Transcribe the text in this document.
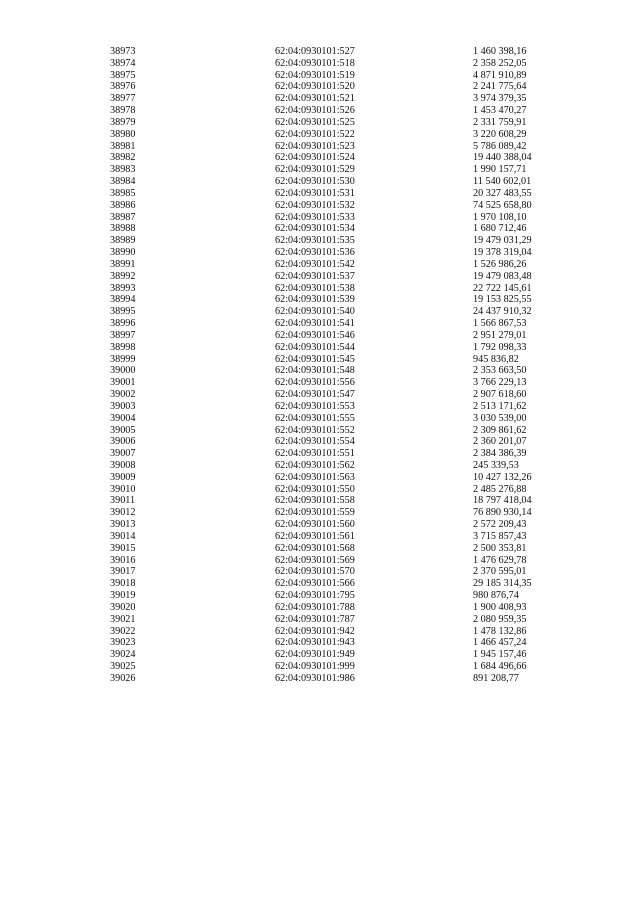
38973	62:04:0930101:527	1 460 398,16
38974	62:04:0930101:518	2 358 252,05
38975	62:04:0930101:519	4 871 910,89
38976	62:04:0930101:520	2 241 775,64
38977	62:04:0930101:521	3 974 379,35
38978	62:04:0930101:526	1 453 470,27
38979	62:04:0930101:525	2 331 759,91
38980	62:04:0930101:522	3 220 608,29
38981	62:04:0930101:523	5 786 089,42
38982	62:04:0930101:524	19 440 388,04
38983	62:04:0930101:529	1 990 157,71
38984	62:04:0930101:530	11 540 602,01
38985	62:04:0930101:531	20 327 483,55
38986	62:04:0930101:532	74 525 658,80
38987	62:04:0930101:533	1 970 108,10
38988	62:04:0930101:534	1 680 712,46
38989	62:04:0930101:535	19 479 031,29
38990	62:04:0930101:536	19 378 319,04
38991	62:04:0930101:542	1 526 986,26
38992	62:04:0930101:537	19 479 083,48
38993	62:04:0930101:538	22 722 145,61
38994	62:04:0930101:539	19 153 825,55
38995	62:04:0930101:540	24 437 910,32
38996	62:04:0930101:541	1 566 867,53
38997	62:04:0930101:546	2 951 279,01
38998	62:04:0930101:544	1 792 098,33
38999	62:04:0930101:545	945 836,82
39000	62:04:0930101:548	2 353 663,50
39001	62:04:0930101:556	3 766 229,13
39002	62:04:0930101:547	2 907 618,60
39003	62:04:0930101:553	2 513 171,62
39004	62:04:0930101:555	3 030 539,00
39005	62:04:0930101:552	2 309 861,62
39006	62:04:0930101:554	2 360 201,07
39007	62:04:0930101:551	2 384 386,39
39008	62:04:0930101:562	245 339,53
39009	62:04:0930101:563	10 427 132,26
39010	62:04:0930101:550	2 485 276,88
39011	62:04:0930101:558	18 797 418,04
39012	62:04:0930101:559	76 890 930,14
39013	62:04:0930101:560	2 572 209,43
39014	62:04:0930101:561	3 715 857,43
39015	62:04:0930101:568	2 500 353,81
39016	62:04:0930101:569	1 476 629,78
39017	62:04:0930101:570	2 370 595,01
39018	62:04:0930101:566	29 185 314,35
39019	62:04:0930101:795	980 876,74
39020	62:04:0930101:788	1 900 408,93
39021	62:04:0930101:787	2 080 959,35
39022	62:04:0930101:942	1 478 132,86
39023	62:04:0930101:943	1 466 457,24
39024	62:04:0930101:949	1 945 157,46
39025	62:04:0930101:999	1 684 496,66
39026	62:04:0930101:986	891 208,77
